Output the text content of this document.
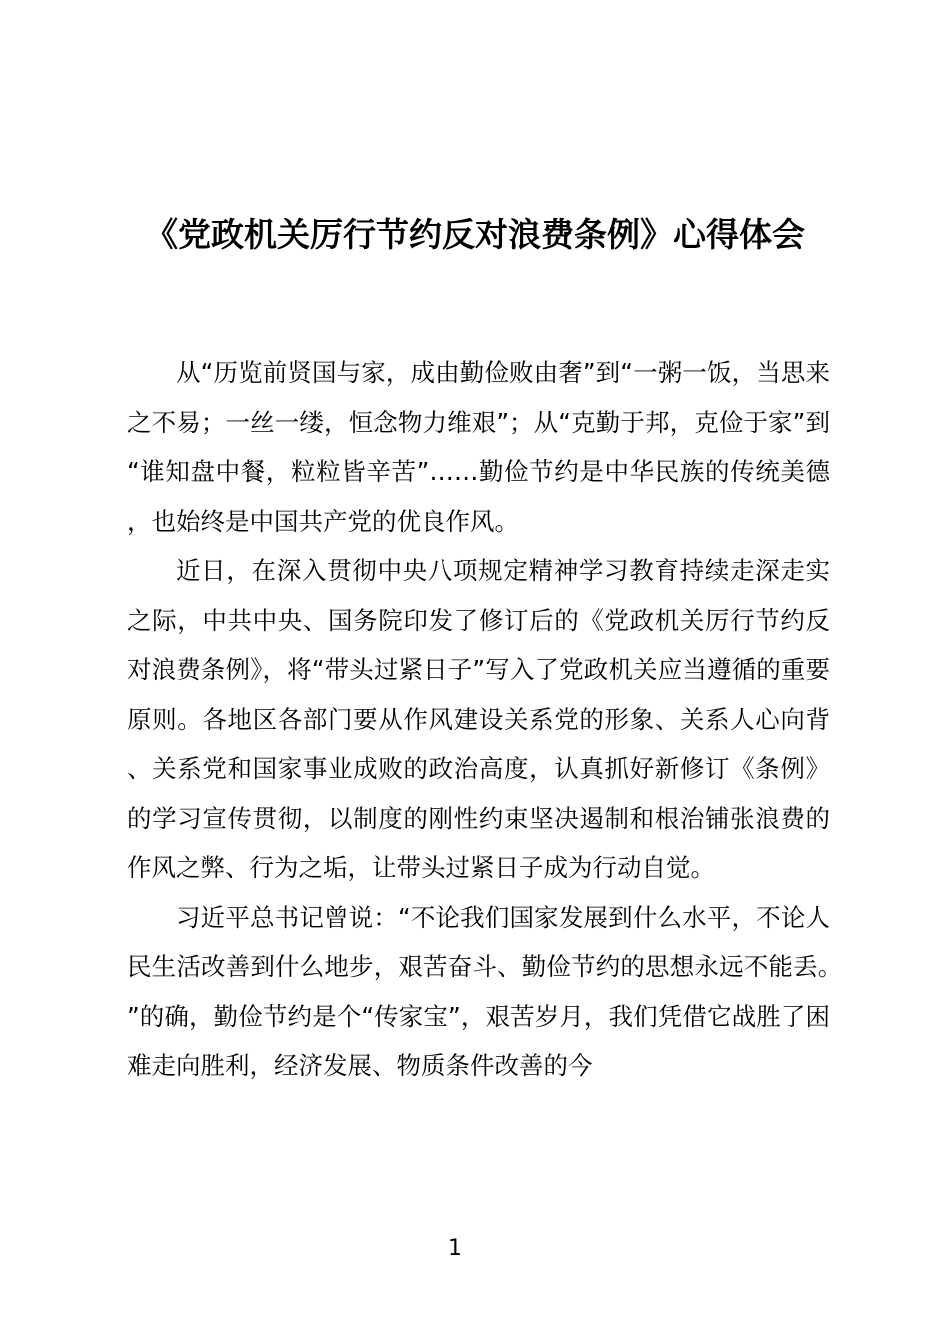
《党政机关厉行节约反对浪费条例》心得体会

从“历览前贤国与家，成由勤俭败由奢”到“一粥一饭，当思来之不易；一丝一缕，恒念物力维艰”；从“克勤于邦，克俭于家”到“谁知盘中餐，粒粒皆辛苦”……勤俭节约是中华民族的传统美德，也始终是中国共产党的优良作风。

近日，在深入贯彻中央八项规定精神学习教育持续走深走实之际，中共中央、国务院印发了修订后的《党政机关厉行节约反对浪费条例》，将“带头过紧日子”写入了党政机关应当遵循的重要原则。各地区各部门要从作风建设关系党的形象、关系人心向背、关系党和国家事业成败的政治高度，认真抓好新修订《条例》的学习宣传贯彻，以制度的刚性约束坚决遏制和根治铺张浪费的作风之弊、行为之垢，让带头过紧日子成为行动自觉。

习近平总书记曾说：“不论我们国家发展到什么水平，不论人民生活改善到什么地步，艰苦奋斗、勤俭节约的思想永远不能丢。”的确，勤俭节约是个“传家宝”，艰苦岁月，我们凭借它战胜了困难走向胜利，经济发展、物质条件改善的今

1
